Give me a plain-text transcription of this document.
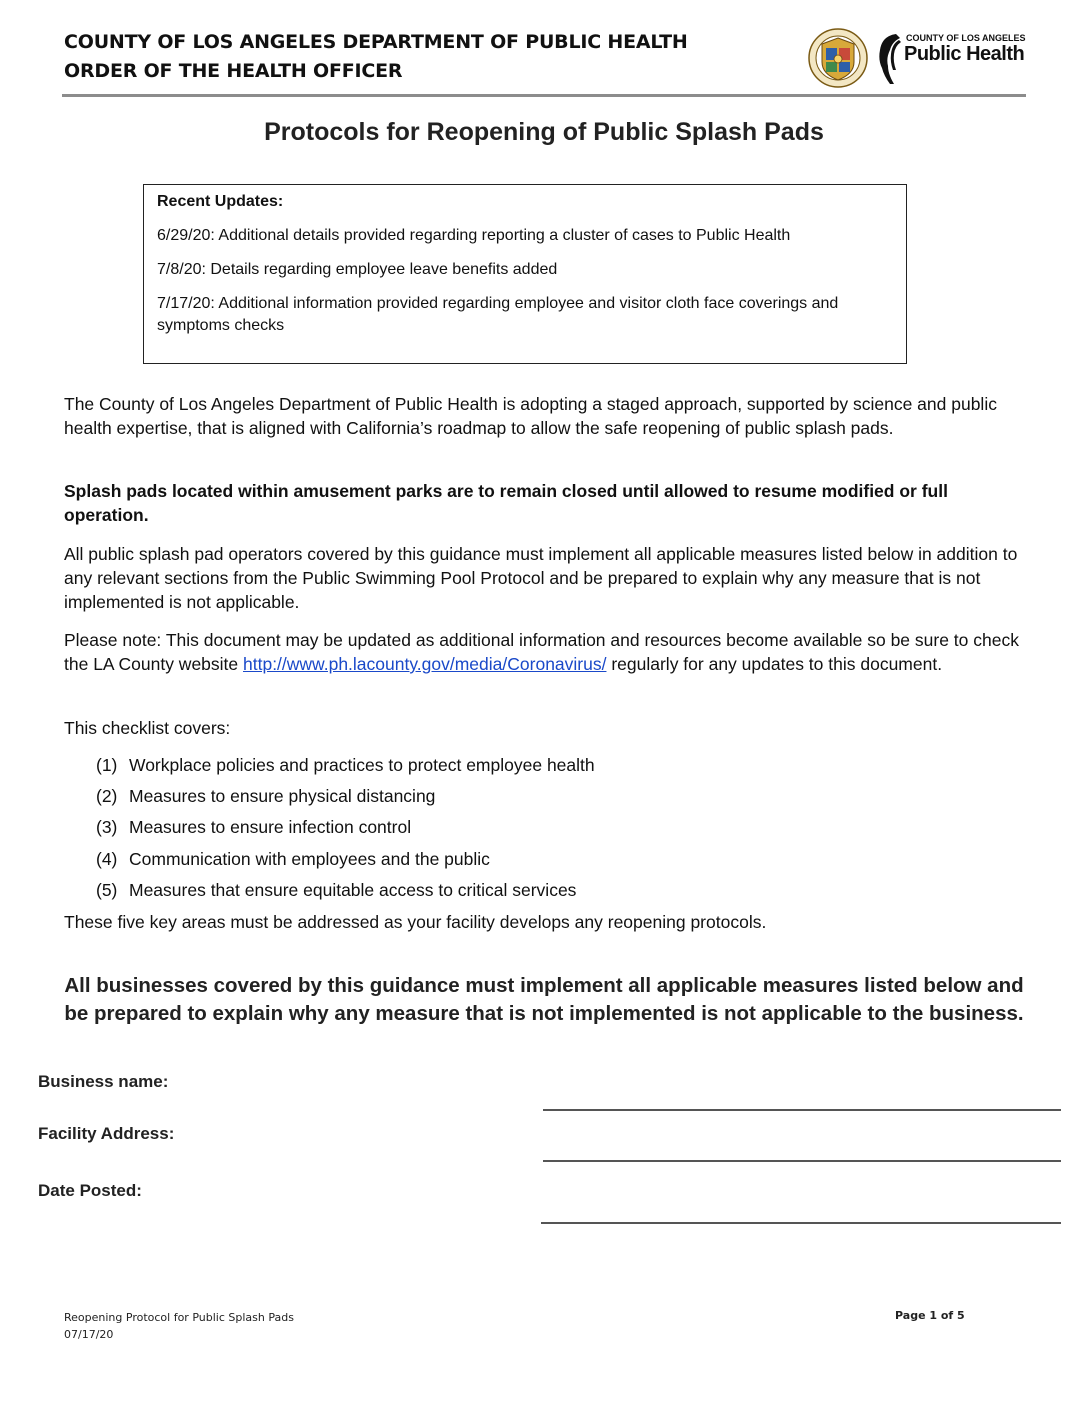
COUNTY OF LOS ANGELES DEPARTMENT OF PUBLIC HEALTH
ORDER OF THE HEALTH OFFICER
COUNTY OF LOS ANGELES
Public Health
Protocols for Reopening of Public Splash Pads
Recent Updates:
6/29/20: Additional details provided regarding reporting a cluster of cases to Public Health
7/8/20: Details regarding employee leave benefits added
7/17/20: Additional information provided regarding employee and visitor cloth face coverings and symptoms checks
The County of Los Angeles Department of Public Health is adopting a staged approach, supported by science and public health expertise, that is aligned with California’s roadmap to allow the safe reopening of public splash pads.
Splash pads located within amusement parks are to remain closed until allowed to resume modified or full operation.
All public splash pad operators covered by this guidance must implement all applicable measures listed below in addition to any relevant sections from the Public Swimming Pool Protocol and be prepared to explain why any measure that is not implemented is not applicable.
Please note: This document may be updated as additional information and resources become available so be sure to check the LA County website http://www.ph.lacounty.gov/media/Coronavirus/ regularly for any updates to this document.
This checklist covers:
(1) Workplace policies and practices to protect employee health
(2) Measures to ensure physical distancing
(3) Measures to ensure infection control
(4) Communication with employees and the public
(5) Measures that ensure equitable access to critical services
These five key areas must be addressed as your facility develops any reopening protocols.
All businesses covered by this guidance must implement all applicable measures listed below and be prepared to explain why any measure that is not implemented is not applicable to the business.
Business name:
Facility Address:
Date Posted:
Reopening Protocol for Public Splash Pads
07/17/20
Page 1 of 5
